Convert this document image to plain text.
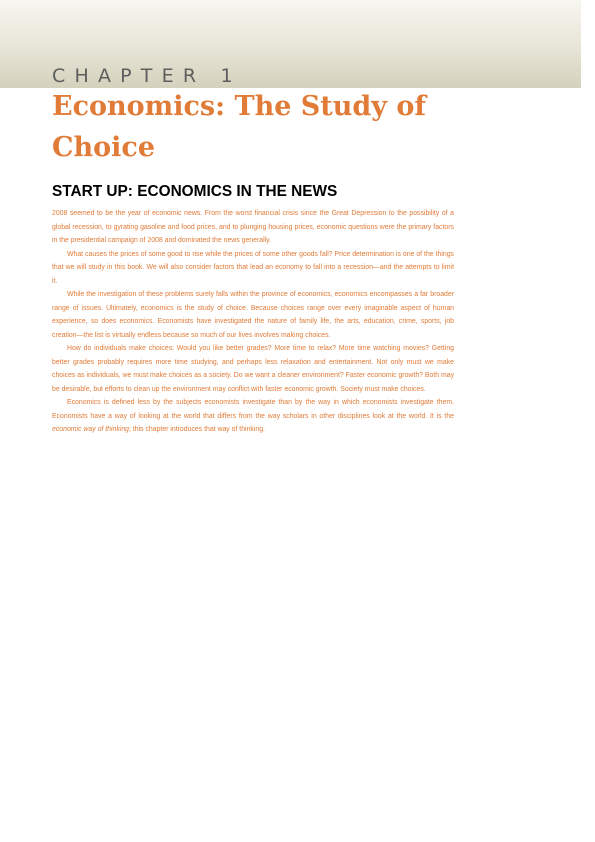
CHAPTER 1
Economics: The Study of Choice
START UP: ECONOMICS IN THE NEWS

2008 seemed to be the year of economic news. From the worst financial crisis since the Great Depression to the possibility of a global recession, to gyrating gasoline and food prices, and to plunging housing prices, economic questions were the primary factors in the presidential campaign of 2008 and dominated the news generally.

What causes the prices of some good to rise while the prices of some other goods fall? Price determination is one of the things that we will study in this book. We will also consider factors that lead an economy to fall into a recession—and the attempts to limit it.

While the investigation of these problems surely falls within the province of economics, economics encompasses a far broader range of issues. Ultimately, economics is the study of choice. Because choices range over every imaginable aspect of human experience, so does economics. Economists have investigated the nature of family life, the arts, education, crime, sports, job creation—the list is virtually endless because so much of our lives involves making choices.

How do individuals make choices: Would you like better grades? More time to relax? More time watching movies? Getting better grades probably requires more time studying, and perhaps less relaxation and entertainment. Not only must we make choices as individuals, we must make choices as a society. Do we want a cleaner environment? Faster economic growth? Both may be desirable, but efforts to clean up the environment may conflict with faster economic growth. Society must make choices.

Economics is defined less by the subjects economists investigate than by the way in which economists investigate them. Economists have a way of looking at the world that differs from the way scholars in other disciplines look at the world. It is the economic way of thinking; this chapter introduces that way of thinking.
